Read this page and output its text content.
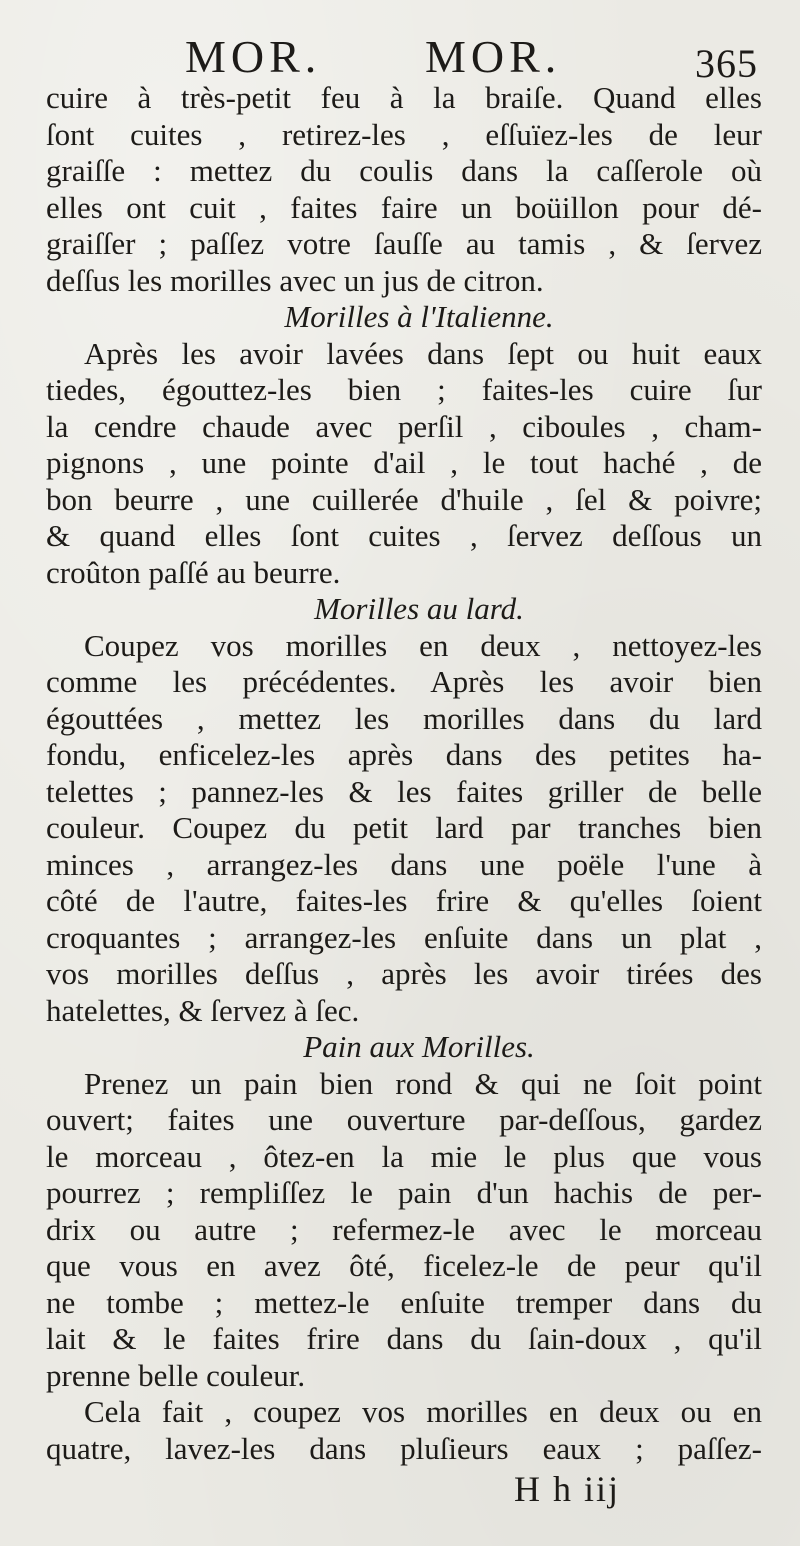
MOR. MOR.	365
cuire à très-petit feu à la braiſe. Quand elles
ſont cuites , retirez-les , eſſuïez-les de leur
graiſſe : mettez du coulis dans la caſſerole où
elles ont cuit , faites faire un boüillon pour dé-
graiſſer ; paſſez votre ſauſſe au tamis , & ſervez
deſſus les morilles avec un jus de citron.
Morilles à l'Italienne.
Après les avoir lavées dans ſept ou huit eaux
tiedes, égouttez-les bien ; faites-les cuire ſur
la cendre chaude avec perſil , ciboules , cham-
pignons , une pointe d'ail , le tout haché , de
bon beurre , une cuillerée d'huile , ſel & poivre;
& quand elles ſont cuites , ſervez deſſous un
croûton paſſé au beurre.
Morilles au lard.
Coupez vos morilles en deux , nettoyez-les
comme les précédentes. Après les avoir bien
égouttées , mettez les morilles dans du lard
fondu, enficelez-les après dans des petites ha-
telettes ; pannez-les & les faites griller de belle
couleur. Coupez du petit lard par tranches bien
minces , arrangez-les dans une poële l'une à
côté de l'autre, faites-les frire & qu'elles ſoient
croquantes ; arrangez-les enſuite dans un plat ,
vos morilles deſſus , après les avoir tirées des
hatelettes, & ſervez à ſec.
Pain aux Morilles.
Prenez un pain bien rond & qui ne ſoit point
ouvert; faites une ouverture par-deſſous, gardez
le morceau , ôtez-en la mie le plus que vous
pourrez ; rempliſſez le pain d'un hachis de per-
drix ou autre ; refermez-le avec le morceau
que vous en avez ôté, ficelez-le de peur qu'il
ne tombe ; mettez-le enſuite tremper dans du
lait & le faites frire dans du ſain-doux , qu'il
prenne belle couleur.
Cela fait , coupez vos morilles en deux ou en
quatre, lavez-les dans pluſieurs eaux ; paſſez-
H h iij
